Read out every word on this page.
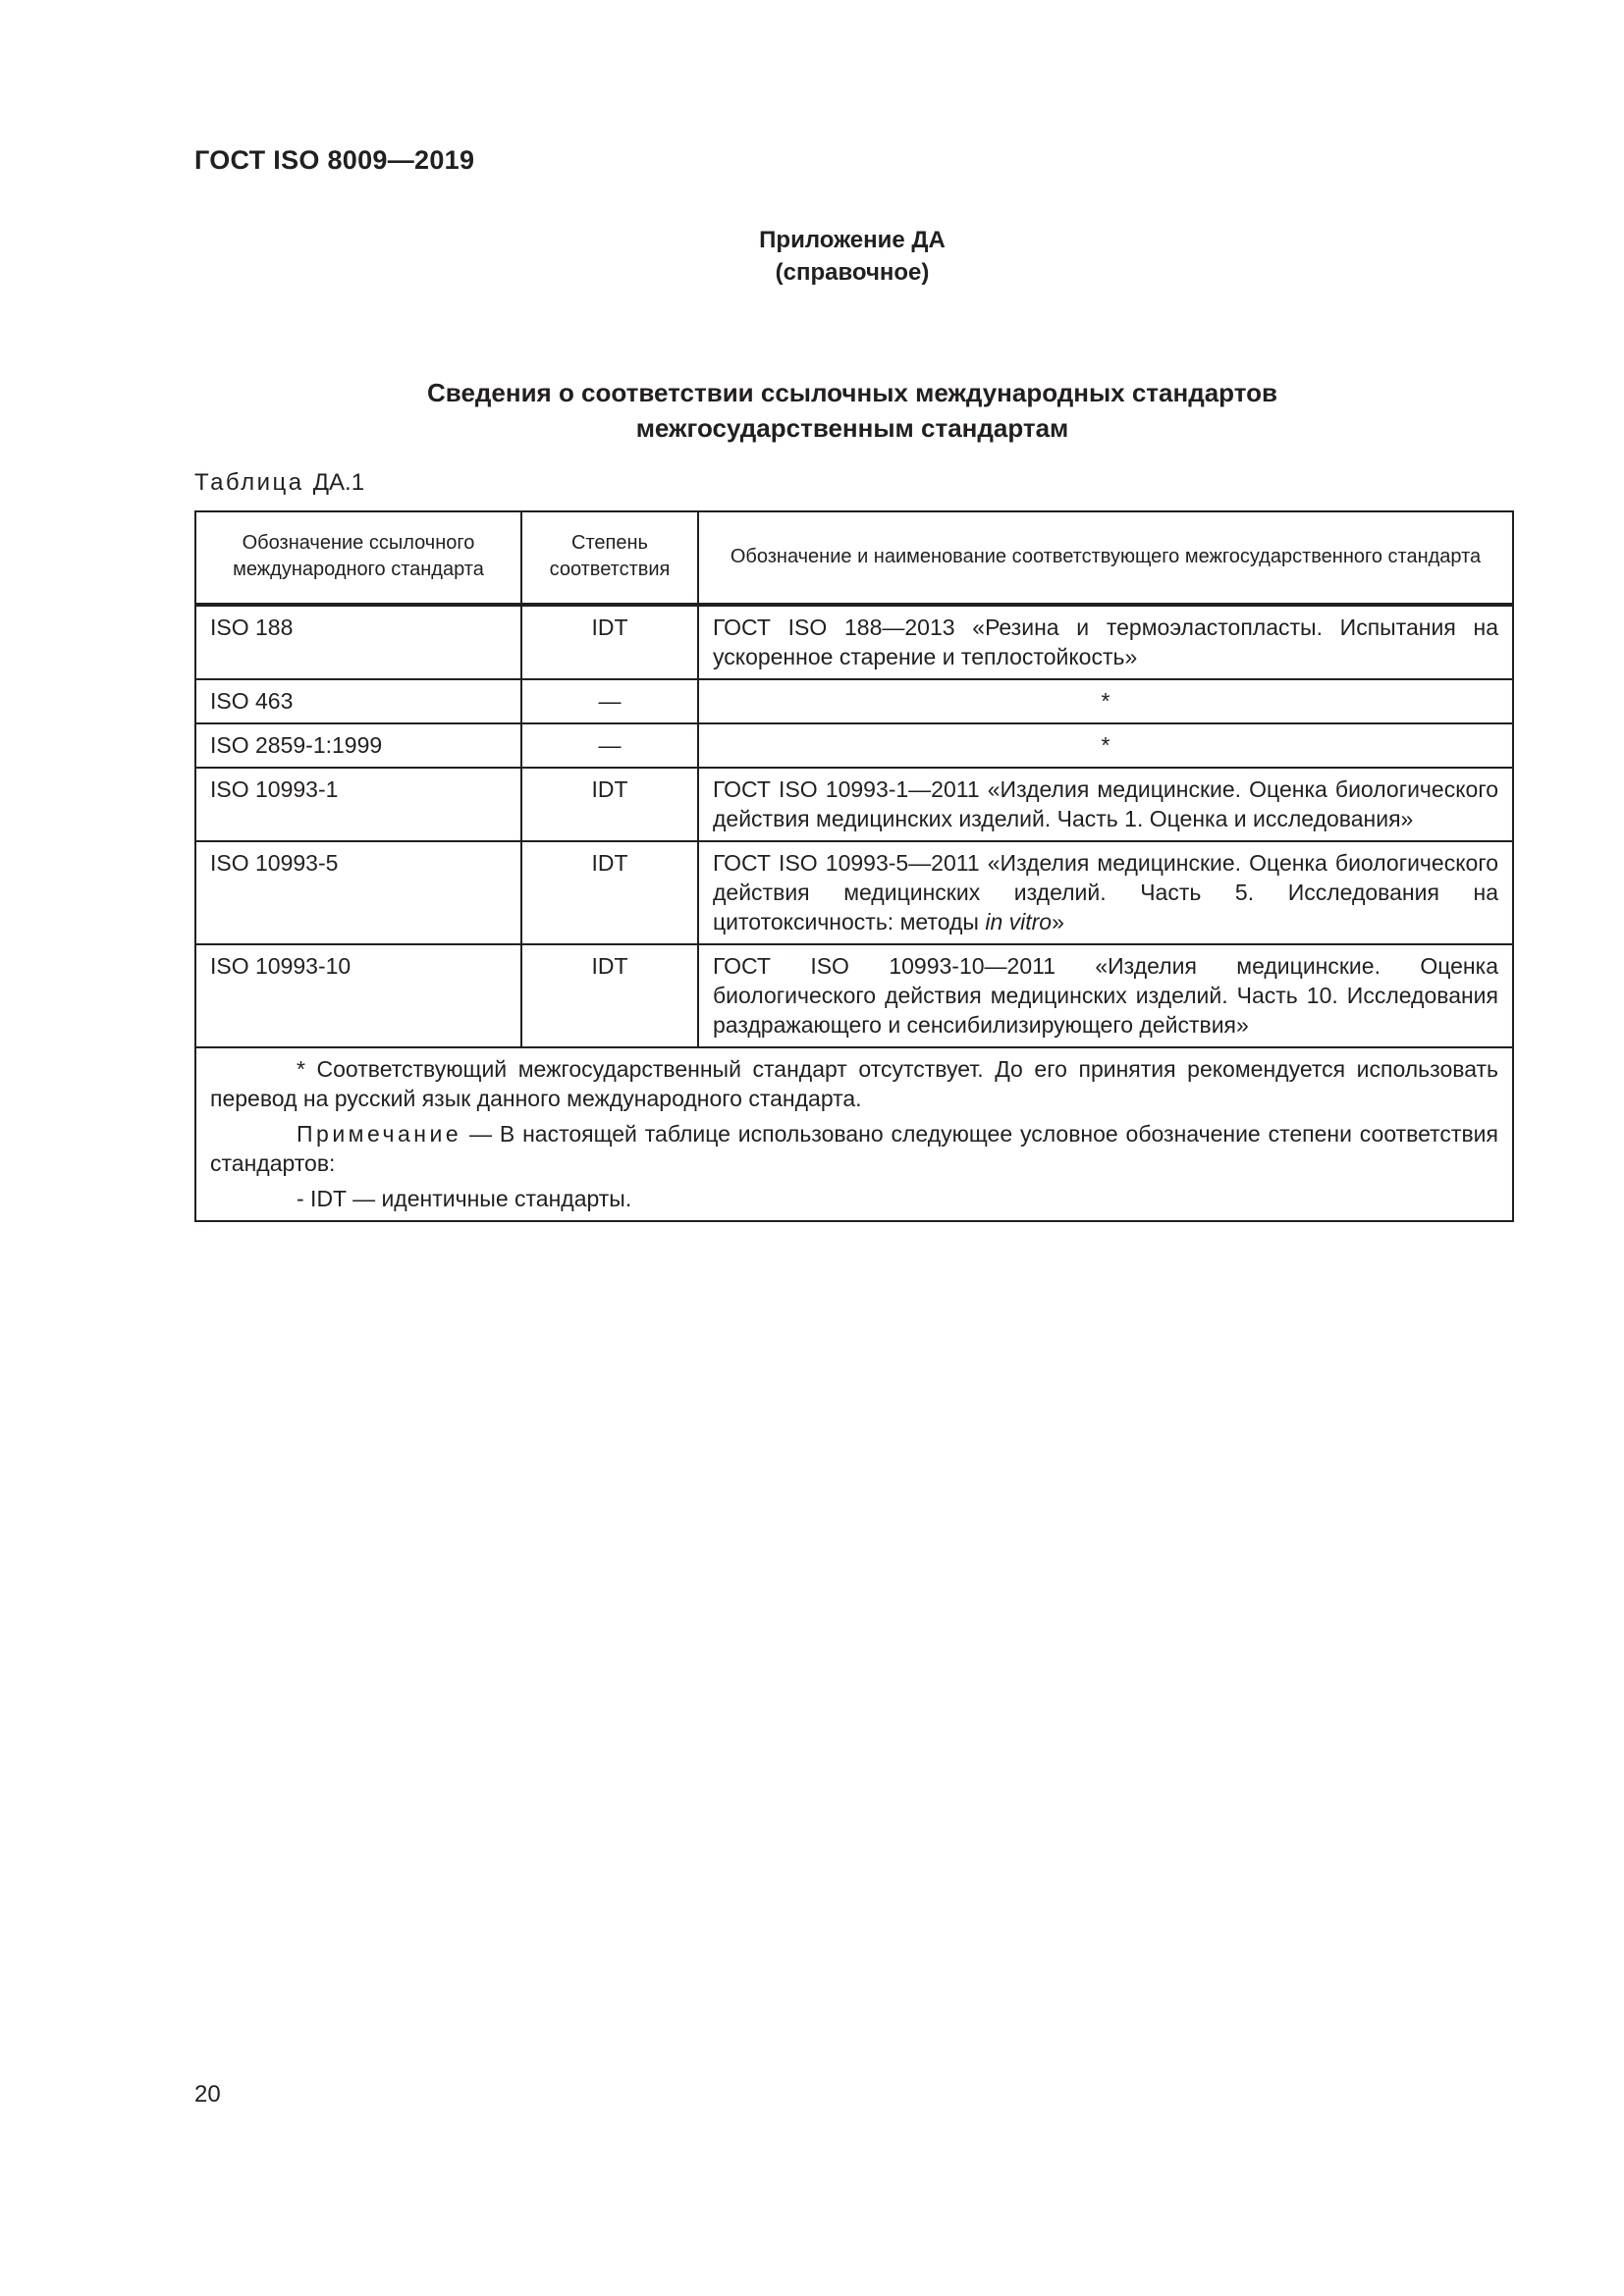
ГОСТ ISO 8009—2019
Приложение ДА
(справочное)
Сведения о соответствии ссылочных международных стандартов
межгосударственным стандартам
Таблица ДА.1
Обозначение ссылочного международного стандарта	Степень соответствия	Обозначение и наименование соответствующего межгосударственного стандарта
ISO 188	IDT	ГОСТ ISO 188—2013 «Резина и термоэластопласты. Испытания на ускоренное старение и теплостойкость»
ISO 463	—	*
ISO 2859-1:1999	—	*
ISO 10993-1	IDT	ГОСТ ISO 10993-1—2011 «Изделия медицинские. Оценка биологического действия медицинских изделий. Часть 1. Оценка и исследования»
ISO 10993-5	IDT	ГОСТ ISO 10993-5—2011 «Изделия медицинские. Оценка биологического действия медицинских изделий. Часть 5. Исследования на цитотоксичность: методы in vitro»
ISO 10993-10	IDT	ГОСТ ISO 10993-10—2011 «Изделия медицинские. Оценка биологического действия медицинских изделий. Часть 10. Исследования раздражающего и сенсибилизирующего действия»

* Соответствующий межгосударственный стандарт отсутствует. До его принятия рекомендуется использовать перевод на русский язык данного международного стандарта.

Примечание — В настоящей таблице использовано следующее условное обозначение степени соответствия стандартов:

- IDT — идентичные стандарты.		

20
